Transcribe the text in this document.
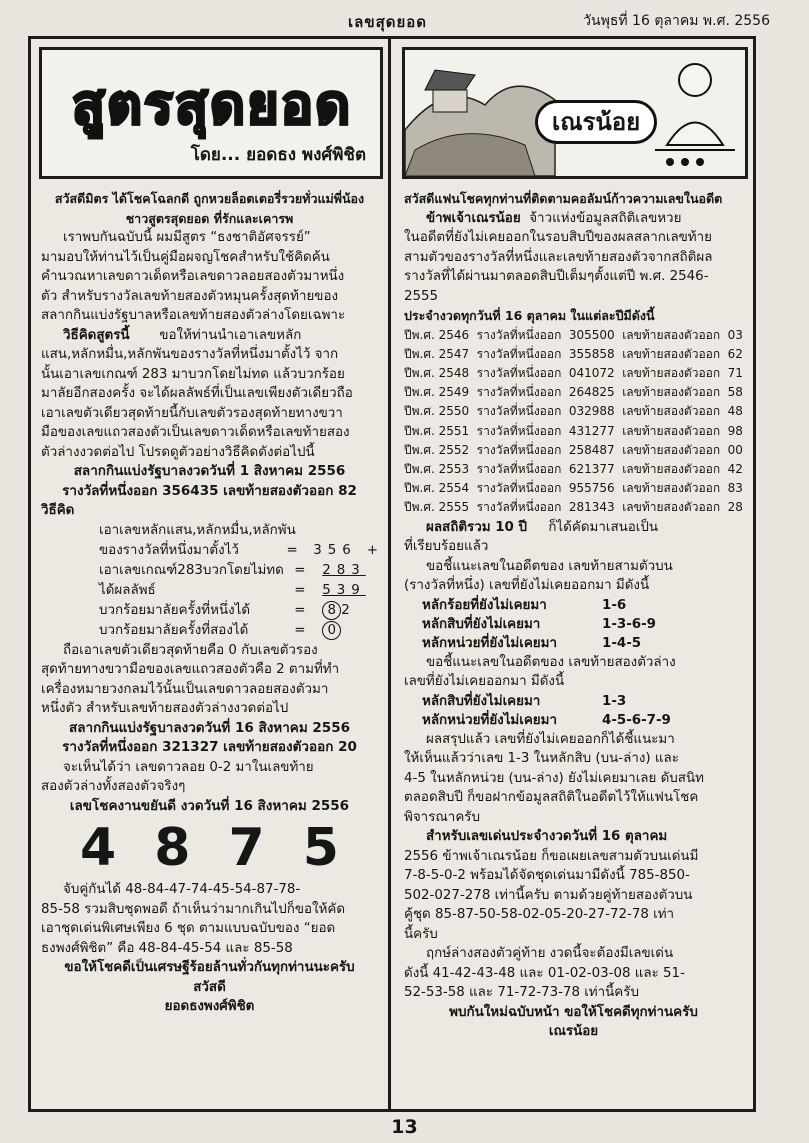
เลขสุดยอด	วันพุธที่ 16 ตุลาคม พ.ศ. 2556
สูตรสุดยอด
โดย... ยอดธง พงศ์พิชิต

สวัสดีมิตร ได้โชคโฉลกดี ถูกหวยล็อตเตอรี่รวยทั่วแม่พี่น้อง

ชาวสูตรสุดยอด ที่รักและเคารพ

เราพบกันฉบับนี้ ผมมีสูตร “ธงชาติอัศจรรย์”

มามอบให้ท่านไว้เป็นคู่มือผจญโชคสำหรับใช้คิดค้น

คำนวณหาเลขดาวเด็ดหรือเลขดาวลอยสองตัวมาหนึ่ง

ตัว สำหรับรางวัลเลขท้ายสองตัวหมุนครั้งสุดท้ายของ

สลากกินแบ่งรัฐบาลหรือเลขท้ายสองตัวล่างโดยเฉพาะ

วิธีคิดสูตรนี้ ขอให้ท่านนำเอาเลขหลัก

แสน,หลักหมื่น,หลักพันของรางวัลที่หนึ่งมาตั้งไว้ จาก

นั้นเอาเลขเกณฑ์ 283 มาบวกโดยไม่ทด แล้วบวกร้อย

มาลัยอีกสองครั้ง จะได้ผลลัพธ์ที่เป็นเลขเพียงตัวเดียวถือ

เอาเลขตัวเดียวสุดท้ายนี้กับเลขตัวรองสุดท้ายทางขวา

มือของเลขแถวสองตัวเป็นเลขดาวเด็ดหรือเลขท้ายสอง

ตัวล่างงวดต่อไป โปรดดูตัวอย่างวิธีคิดดังต่อไปนี้

สลากกินแบ่งรัฐบาลงวดวันที่ 1 สิงหาคม 2556

รางวัลที่หนึ่งออก 356435 เลขท้ายสองตัวออก 82

วิธีคิด

เอาเลขหลักแสน,หลักหมื่น,หลักพัน
ของรางวัลที่หนึ่งมาตั้งไว้	=	356 +
เอาเลขเกณฑ์283บวกโดยไม่ทด =	283
ได้ผลลัพธ์	=	539
บวกร้อยมาลัยครั้งที่หนึ่งได้	=	8 2
บวกร้อยมาลัยครั้งที่สองได้	=	0

ถือเอาเลขตัวเดียวสุดท้ายคือ 0 กับเลขตัวรอง

สุดท้ายทางขวามือของเลขแถวสองตัวคือ 2 ตามที่ทำ

เครื่องหมายวงกลมไว้นั้นเป็นเลขดาวลอยสองตัวมา

หนึ่งตัว สำหรับเลขท้ายสองตัวล่างงวดต่อไป

สลากกินแบ่งรัฐบาลงวดวันที่ 16 สิงหาคม 2556

รางวัลที่หนึ่งออก 321327 เลขท้ายสองตัวออก 20

จะเห็นได้ว่า เลขดาวลอย 0-2 มาในเลขท้าย

สองตัวล่างทั้งสองตัวจริงๆ

เลขโชคงานขยันดี งวดวันที่ 16 สิงหาคม 2556

4 8 7 5

จับคู่กันได้ 48-84-47-74-45-54-87-78-

85-58 รวมสิบชุดพอดี ถ้าเห็นว่ามากเกินไปก็ขอให้คัด

เอาชุดเด่นพิเศษเพียง 6 ชุด ตามแบบฉบับของ “ยอด

ธงพงศ์พิชิต” คือ 48-84-45-54 และ 85-58

ขอให้โชคดีเป็นเศรษฐีร้อยล้านทั่วกันทุกท่านนะครับ

สวัสดี

ยอดธงพงศ์พิชิต

เณรน้อย

สวัสดีแฟนโชคทุกท่านที่ติดตามคอลัมน์ก้าวความเลขในอดีต

ข้าพเจ้าเณรน้อย จ้าวแห่งข้อมูลสถิติเลขหวย

ในอดีตที่ยังไม่เคยออกในรอบสิบปีของผลสลากเลขท้าย

สามตัวของรางวัลที่หนึ่งและเลขท้ายสองตัวจากสถิติผล

รางวัลที่ได้ผ่านมาตลอดสิบปีเต็มๆตั้งแต่ปี พ.ศ. 2546-

2555

ประจำงวดทุกวันที่ 16 ตุลาคม ในแต่ละปีมีดังนี้

ปีพ.ศ. 2546 รางวัลที่หนึ่งออก 305500 เลขท้ายสองตัวออก 03
ปีพ.ศ. 2547 รางวัลที่หนึ่งออก 355858 เลขท้ายสองตัวออก 62
ปีพ.ศ. 2548 รางวัลที่หนึ่งออก 041072 เลขท้ายสองตัวออก 71
ปีพ.ศ. 2549 รางวัลที่หนึ่งออก 264825 เลขท้ายสองตัวออก 58
ปีพ.ศ. 2550 รางวัลที่หนึ่งออก 032988 เลขท้ายสองตัวออก 48
ปีพ.ศ. 2551 รางวัลที่หนึ่งออก 431277 เลขท้ายสองตัวออก 98
ปีพ.ศ. 2552 รางวัลที่หนึ่งออก 258487 เลขท้ายสองตัวออก 00
ปีพ.ศ. 2553 รางวัลที่หนึ่งออก 621377 เลขท้ายสองตัวออก 42
ปีพ.ศ. 2554 รางวัลที่หนึ่งออก 955756 เลขท้ายสองตัวออก 83
ปีพ.ศ. 2555 รางวัลที่หนึ่งออก 281343 เลขท้ายสองตัวออก 28

ผลสถิติรวม 10 ปี ก็ได้คัดมาเสนอเป็น

ที่เรียบร้อยแล้ว

ขอชี้แนะเลขในอดีตของ เลขท้ายสามตัวบน

(รางวัลที่หนึ่ง) เลขที่ยังไม่เคยออกมา มีดังนี้

หลักร้อยที่ยังไม่เคยมา	1-6
หลักสิบที่ยังไม่เคยมา	1-3-6-9
หลักหน่วยที่ยังไม่เคยมา	1-4-5

ขอชี้แนะเลขในอดีตของ เลขท้ายสองตัวล่าง

เลขที่ยังไม่เคยออกมา มีดังนี้

หลักสิบที่ยังไม่เคยมา	1-3
หลักหน่วยที่ยังไม่เคยมา	4-5-6-7-9

ผลสรุปแล้ว เลขที่ยังไม่เคยออกก็ได้ชี้แนะมา

ให้เห็นแล้วว่าเลข 1-3 ในหลักสิบ (บน-ล่าง) และ

4-5 ในหลักหน่วย (บน-ล่าง) ยังไม่เคยมาเลย ดับสนิท

ตลอดสิบปี ก็ขอฝากข้อมูลสถิติในอดีตไว้ให้แฟนโชค

พิจารณาครับ

สำหรับเลขเด่นประจำงวดวันที่ 16 ตุลาคม

2556 ข้าพเจ้าเณรน้อย ก็ขอเผยเลขสามตัวบนเด่นมี

7-8-5-0-2 พร้อมได้จัดชุดเด่นมามีดังนี้ 785-850-

502-027-278 เท่านี้ครับ ตามด้วยคู่ท้ายสองตัวบน

คู้ชุด 85-87-50-58-02-05-20-27-72-78 เท่า

นี้ครับ

ฤกษ์ล่างสองตัวคู่ท้าย งวดนี้จะต้องมีเลขเด่น

ดังนี้ 41-42-43-48 และ 01-02-03-08 และ 51-

52-53-58 และ 71-72-73-78 เท่านี้ครับ

พบกันใหม่ฉบับหน้า ขอให้โชคดีทุกท่านครับ

เณรน้อย

13
